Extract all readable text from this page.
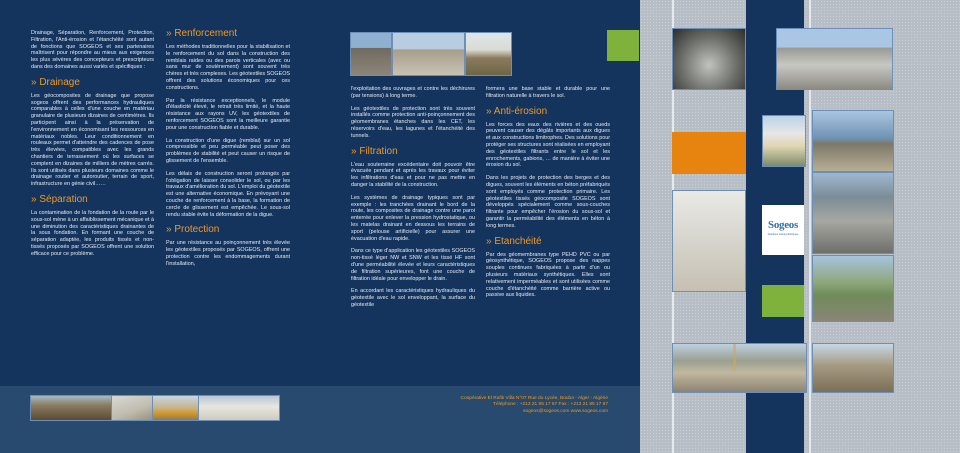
Drainage, Séparation, Renforcement, Protection, Filtration, l'Anti-érosion et l'étanchéité sont autant de fonctions que SOGEOS et ses partenaires maîtrisent pour répondre au mieux aux exigences les plus sévères des concepteurs et prescripteurs dans des domaines aussi variés et spécifiques :

» Drainage

Les géocomposites de drainage que propose sogeos offrent des performances hydrauliques comparables à celles d'une couche en matériau granulaire de plusieurs dizaines de centimètres. Ils participent ainsi à la préservation de l'environnement en économisant les ressources en matériaux nobles. Leur conditionnement en rouleaux permet d'atteindre des cadences de pose très élevées, compatibles avec les grands chantiers de terrassement où les surfaces se comptent en dizaines de milliers de mètres carrés. Ils sont utilisés dans plusieurs domaines comme le drainage routier et autoroutier, terrain de sport, infrastructure en génie civil……

» Séparation

La contamination de la fondation de la route par le sous-sol mène à un affaiblissement mécanique et à une diminution des caractéristiques drainantes de la sous fondation. En formant une couche de séparation adaptée, les produits tissés et non-tissés proposés par SOGEOS offrent une solution efficace pour ce problème.

» Renforcement

Les méthodes traditionnelles pour la stabilisation et le renforcement du sol dans la construction des remblais raides ou des parois verticales (avec ou sans mur de soutènement) sont souvent très chères et très complexes. Les géotextiles SOGEOS offrent des solutions économiques pour ces constructions.

Par la résistance exceptionnels, le module d'élasticité élevé, le retrait très limité, et la haute résistance aux rayons UV, les géotextiles de renforcement SOGEOS sont la meilleure garantie pour une construction fiable et durable.

La construction d'une digue (remblai) sur un sol compressible et peu perméable peut poser des problèmes de stabilité et peut causer un risque de glissement de l'ensemble.

Les délais de construction seront prolongés par l'obligation de laisser consolider le sol, ou par les travaux d'amélioration du sol. L'emploi du géotextile est une alternative économique. En prévoyant une couche de renforcement à la base, la formation de cercle de glissement est empêchée. Le sous-sol rendu stable évite la déformation de la digue.

» Protection

Par une résistance au poinçonnement très élevée les géotextiles proposés par SOGEOS, offrent une protection contre les endommagements durant l'installation,

l'exploitation des ouvrages et contre les déchirures (par tensions) à long terme.

Les géotextiles de protection sont très souvent installés comme protection anti-poinçonnement des géomembranes étanches dans les CET, les réservoirs d'eau, les lagunes et l'étanchéité des tunnels.

» Filtration

L'eau souterraine excédentaire doit pouvoir être évacuée pendant et après les travaux pour éviter les infiltrations d'eau et pour ne pas mettre en danger la stabilité de la construction.

Les systèmes de drainage typiques sont par exemple : les tranchées drainant le bord de la route, les composites de drainage contre une paroi enterrée pour enlever la pression hydrostatique, ou les matelas drainant en dessous les terrains de sport (pelouse artificielle) pour assurer une évacuation d'eau rapide.

Dans ce type d'application les géotextiles SOGEOS non-tissé léger NW et SNW et les tissé HF sont d'une perméabilité élevée et leurs caractéristiques de filtration supérieures, font une couche de filtration idéale pour envelopper le drain.

En accordant les caractéristiques hydrauliques du géotextile avec le sol enveloppant, la surface du géotextile

formera une base stable et durable pour une filtration naturelle à travers le sol.

» Anti-érosion

Les forces des eaux des rivières et des oueds peuvent causer des dégâts importants aux digues et aux constructions limitrophes. Des solutions pour protéger ses structures sont réalisées en employant des géotextiles filtrants entre le sol et les enrochements, gabions, … de manière à éviter une érosion du sol.

Dans les projets de protection des berges et des digues, souvent les éléments en béton préfabriqués sont employés comme protection primaire. Les géotextiles tissés géocomposite SOGEOS sont développés spécialement comme sous-couches filtrante pour empêcher l'érosion du sous-sol et garantir la perméabilité des éléments en béton à long termes.

» Etanchéité

Par des géomembranes type PEHD PVC ou par géosynthétique, SOGEOS propose des nappes souples continues fabriquées à partir d'un ou plusieurs matériaux synthétiques. Elles sont relativement imperméables et sont utilisées comme couche d'étanchéité comme barrière active ou passive aux liquides.

Coopérative El Rafik Villa N°07 Rue du Lycée, Bouba - Alger - Algérie
Téléphone : +213 21 85 17 67 Fax : +213 21 85 17 67
sogeos@sogeos.com www.sogeos.com
Sogeos
Solutions Géosynthétiques
